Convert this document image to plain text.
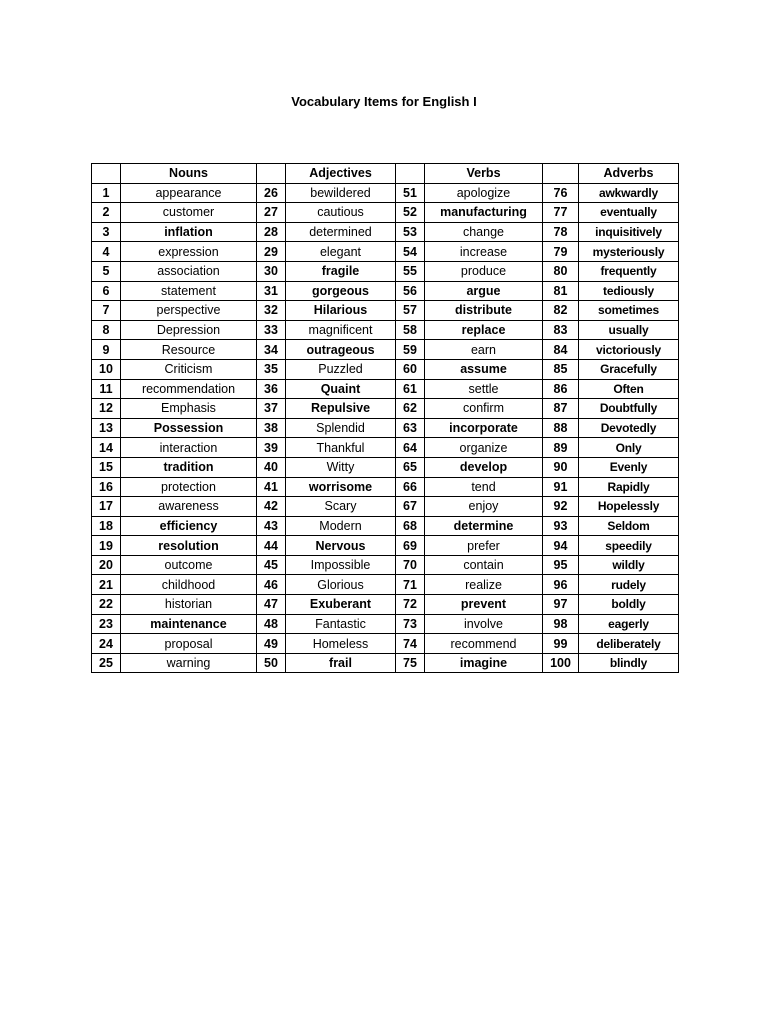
Vocabulary Items for English I
	Nouns		Adjectives		Verbs		Adverbs
1	appearance	26	bewildered	51	apologize	76	awkwardly
2	customer	27	cautious	52	manufacturing	77	eventually
3	inflation	28	determined	53	change	78	inquisitively
4	expression	29	elegant	54	increase	79	mysteriously
5	association	30	fragile	55	produce	80	frequently
6	statement	31	gorgeous	56	argue	81	tediously
7	perspective	32	Hilarious	57	distribute	82	sometimes
8	Depression	33	magnificent	58	replace	83	usually
9	Resource	34	outrageous	59	earn	84	victoriously
10	Criticism	35	Puzzled	60	assume	85	Gracefully
11	recommendation	36	Quaint	61	settle	86	Often
12	Emphasis	37	Repulsive	62	confirm	87	Doubtfully
13	Possession	38	Splendid	63	incorporate	88	Devotedly
14	interaction	39	Thankful	64	organize	89	Only
15	tradition	40	Witty	65	develop	90	Evenly
16	protection	41	worrisome	66	tend	91	Rapidly
17	awareness	42	Scary	67	enjoy	92	Hopelessly
18	efficiency	43	Modern	68	determine	93	Seldom
19	resolution	44	Nervous	69	prefer	94	speedily
20	outcome	45	Impossible	70	contain	95	wildly
21	childhood	46	Glorious	71	realize	96	rudely
22	historian	47	Exuberant	72	prevent	97	boldly
23	maintenance	48	Fantastic	73	involve	98	eagerly
24	proposal	49	Homeless	74	recommend	99	deliberately
25	warning	50	frail	75	imagine	100	blindly
